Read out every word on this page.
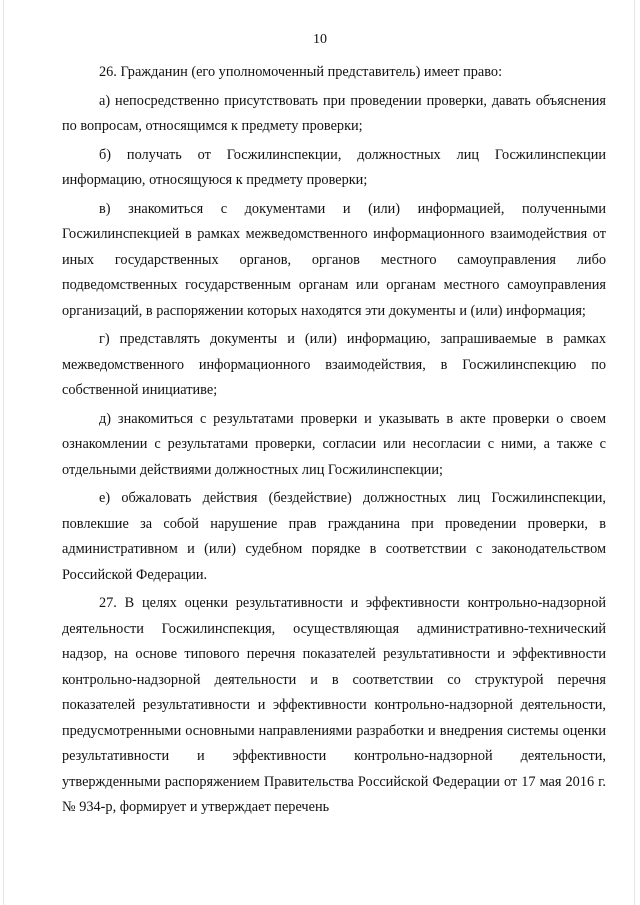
10

26. Гражданин (его уполномоченный представитель) имеет право:

а) непосредственно присутствовать при проведении проверки, давать объяснения по вопросам, относящимся к предмету проверки;

б) получать от Госжилинспекции, должностных лиц Госжилинспекции информацию, относящуюся к предмету проверки;

в) знакомиться с документами и (или) информацией, полученными Госжилинспекцией в рамках межведомственного информационного взаимодействия от иных государственных органов, органов местного самоуправления либо подведомственных государственным органам или органам местного самоуправления организаций, в распоряжении которых находятся эти документы и (или) информация;

г) представлять документы и (или) информацию, запрашиваемые в рамках межведомственного информационного взаимодействия, в Госжилинспекцию по собственной инициативе;

д) знакомиться с результатами проверки и указывать в акте проверки о своем ознакомлении с результатами проверки, согласии или несогласии с ними, а также с отдельными действиями должностных лиц Госжилинспекции;

е) обжаловать действия (бездействие) должностных лиц Госжилинспекции, повлекшие за собой нарушение прав гражданина при проведении проверки, в административном и (или) судебном порядке в соответствии с законодательством Российской Федерации.

27. В целях оценки результативности и эффективности контрольно-надзорной деятельности Госжилинспекция, осуществляющая административно-технический надзор, на основе типового перечня показателей результативности и эффективности контрольно-надзорной деятельности и в соответствии со структурой перечня показателей результативности и эффективности контрольно-надзорной деятельности, предусмотренными основными направлениями разработки и внедрения системы оценки результативности и эффективности контрольно-надзорной деятельности, утвержденными распоряжением Правительства Российской Федерации от 17 мая 2016 г. № 934-р, формирует и утверждает перечень
